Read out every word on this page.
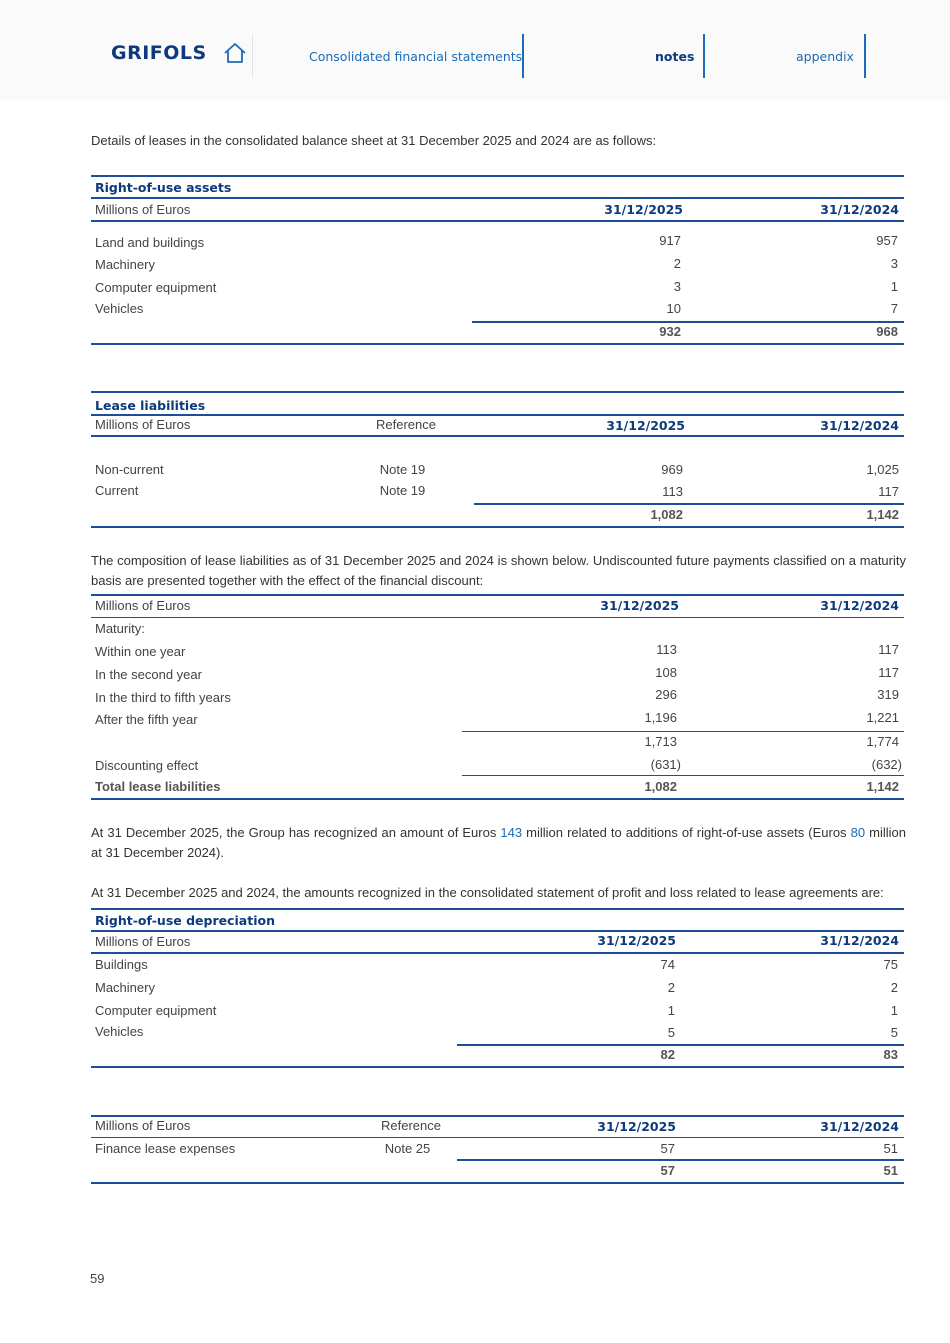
GRIFOLS	Consolidated financial statements	notes	appendix

Details of leases in the consolidated balance sheet at 31 December 2025 and 2024 are as follows:

Right-of-use assets
Millions of Euros	31/12/2025	31/12/2024
Land and buildings	917	957
Machinery	2	3
Computer equipment	3	1
Vehicles	10	7
932	968
Lease liabilities
Millions of Euros	Reference	31/12/2025	31/12/2024
Non-current	Note 19	969	1,025
Current	Note 19	113	117
1,082	1,142

The composition of lease liabilities as of 31 December 2025 and 2024 is shown below. Undiscounted future payments classified on a maturity basis are presented together with the effect of the financial discount:

Millions of Euros	31/12/2025	31/12/2024
Maturity:
Within one year	113	117
In the second year	108	117
In the third to fifth years	296	319
After the fifth year	1,196	1,221
1,713	1,774
Discounting effect	(631)	(632)
Total lease liabilities	1,082	1,142

At 31 December 2025, the Group has recognized an amount of Euros 143 million related to additions of right-of-use assets (Euros 80 million at 31 December 2024).

At 31 December 2025 and 2024, the amounts recognized in the consolidated statement of profit and loss related to lease agreements are:

Right-of-use depreciation
Millions of Euros	31/12/2025	31/12/2024
Buildings	74	75
Machinery	2	2
Computer equipment	1	1
Vehicles	5	5
82	83
Millions of Euros	Reference	31/12/2025	31/12/2024
Finance lease expenses	Note 25	57	51
57	51
59
